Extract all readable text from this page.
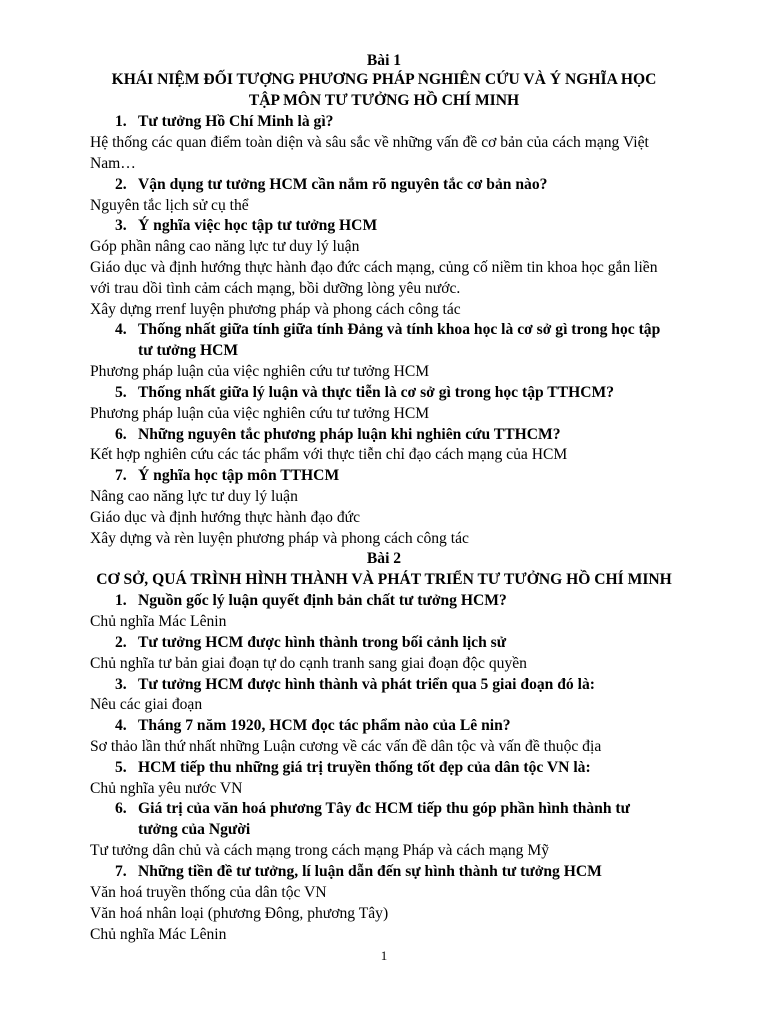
Bài 1
KHÁI NIỆM ĐỐI TƯỢNG PHƯƠNG PHÁP NGHIÊN CỨU VÀ Ý NGHĨA HỌC
TẬP MÔN TƯ TƯỞNG HỒ CHÍ MINH
1. Tư tưởng Hồ Chí Minh là gì?
Hệ thống các quan điểm toàn diện và sâu sắc về những vấn đề cơ bản của cách mạng Việt
Nam…
2. Vận dụng tư tưởng HCM cần nắm rõ nguyên tắc cơ bản nào?
Nguyên tắc lịch sử cụ thể
3. Ý nghĩa việc học tập tư tưởng HCM
Góp phần nâng cao năng lực tư duy lý luận
Giáo dục và định hướng thực hành đạo đức cách mạng, củng cố niềm tin khoa học gắn liền
với trau dồi tình cảm cách mạng, bồi dưỡng lòng yêu nước.
Xây dựng rrenf luyện phương pháp và phong cách công tác
4. Thống nhất giữa tính giữa tính Đảng và tính khoa học là cơ sở gì trong học tập
tư tưởng HCM
Phương pháp luận của việc nghiên cứu tư tưởng HCM
5. Thống nhất giữa lý luận và thực tiễn là cơ sở gì trong học tập TTHCM?
Phương pháp luận của việc nghiên cứu tư tưởng HCM
6. Những nguyên tắc phương pháp luận khi nghiên cứu TTHCM?
Kết hợp nghiên cứu các tác phẩm với thực tiễn chỉ đạo cách mạng của HCM
7. Ý nghĩa học tập môn TTHCM
Nâng cao năng lực tư duy lý luận
Giáo dục và định hướng thực hành đạo đức
Xây dựng và rèn luyện phương pháp và phong cách công tác
Bài 2
CƠ SỞ, QUÁ TRÌNH HÌNH THÀNH VÀ PHÁT TRIỂN TƯ TƯỞNG HỒ CHÍ MINH
1. Nguồn gốc lý luận quyết định bản chất tư tưởng HCM?
Chủ nghĩa Mác Lênin
2. Tư tưởng HCM được hình thành trong bối cảnh lịch sử
Chủ nghĩa tư bản giai đoạn tự do cạnh tranh sang giai đoạn độc quyền
3. Tư tưởng HCM được hình thành và phát triển qua 5 giai đoạn đó là:
Nêu các giai đoạn
4. Tháng 7 năm 1920, HCM đọc tác phẩm nào của Lê nin?
Sơ thảo lần thứ nhất những Luận cương về các vấn đề dân tộc và vấn đề thuộc địa
5. HCM tiếp thu những giá trị truyền thống tốt đẹp của dân tộc VN là:
Chủ nghĩa yêu nước VN
6. Giá trị của văn hoá phương Tây đc HCM tiếp thu góp phần hình thành tư
tưởng của Người
Tư tưởng dân chủ và cách mạng trong cách mạng Pháp và cách mạng Mỹ
7. Những tiền đề tư tưởng, lí luận dẫn đến sự hình thành tư tưởng HCM
Văn hoá truyền thống của dân tộc VN
Văn hoá nhân loại (phương Đông, phương Tây)
Chủ nghĩa Mác Lênin
1
